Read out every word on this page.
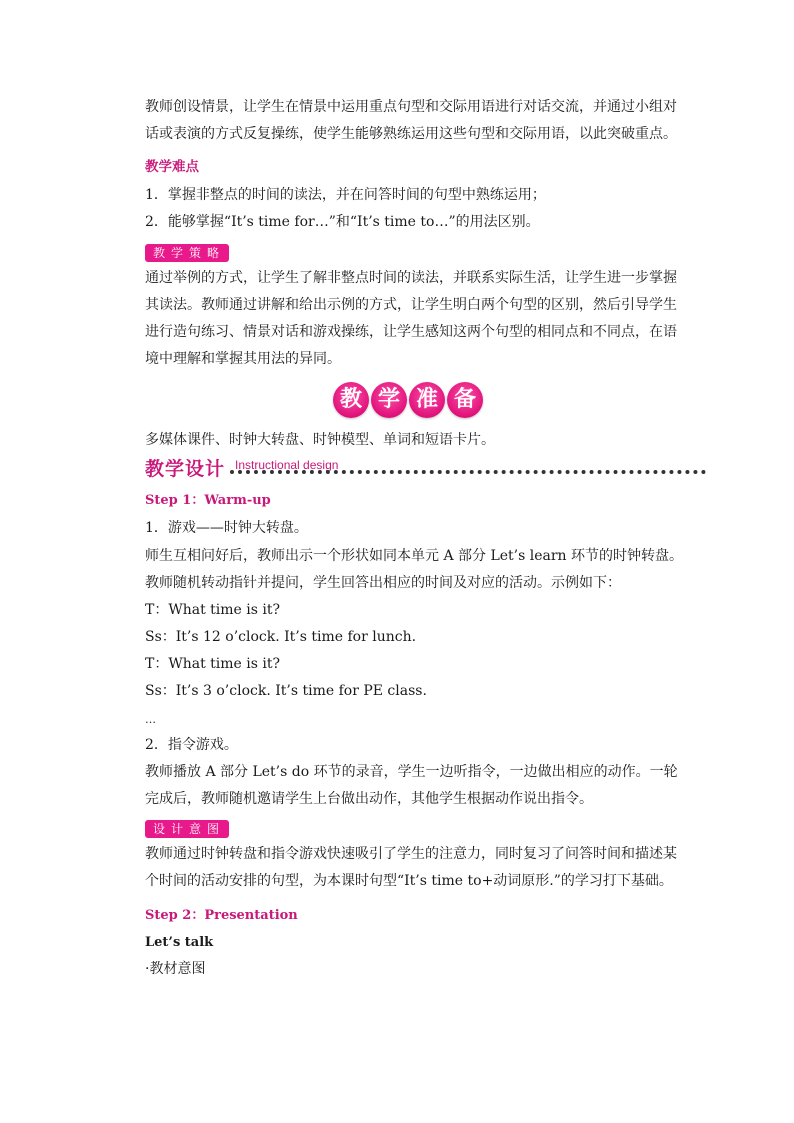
教师创设情景，让学生在情景中运用重点句型和交际用语进行对话交流，并通过小组对话或表演的方式反复操练，使学生能够熟练运用这些句型和交际用语，以此突破重点。

教学难点

1．掌握非整点的时间的读法，并在问答时间的句型中熟练运用；

2．能够掌握“It’s time for…”和“It’s time to…”的用法区别。

教学策略

通过举例的方式，让学生了解非整点时间的读法，并联系实际生活，让学生进一步掌握其读法。教师通过讲解和给出示例的方式，让学生明白两个句型的区别，然后引导学生进行造句练习、情景对话和游戏操练，让学生感知这两个句型的相同点和不同点，在语境中理解和掌握其用法的异同。

教 学 准 备

多媒体课件、时钟大转盘、时钟模型、单词和短语卡片。

教学设计 Instructional design
Step 1：Warm-up

1．游戏——时钟大转盘。

师生互相问好后，教师出示一个形状如同本单元 A 部分 Let’s learn 环节的时钟转盘。教师随机转动指针并提问，学生回答出相应的时间及对应的活动。示例如下：

T：What time is it?

Ss：It’s 12 o’clock. It’s time for lunch.

T：What time is it?

Ss：It’s 3 o’clock. It’s time for PE class.

…

2．指令游戏。

教师播放 A 部分 Let’s do 环节的录音，学生一边听指令，一边做出相应的动作。一轮完成后，教师随机邀请学生上台做出动作，其他学生根据动作说出指令。

设计意图

教师通过时钟转盘和指令游戏快速吸引了学生的注意力，同时复习了问答时间和描述某个时间的活动安排的句型，为本课时句型“It’s time to+动词原形.”的学习打下基础。

Step 2：Presentation
Let’s talk

·教材意图
